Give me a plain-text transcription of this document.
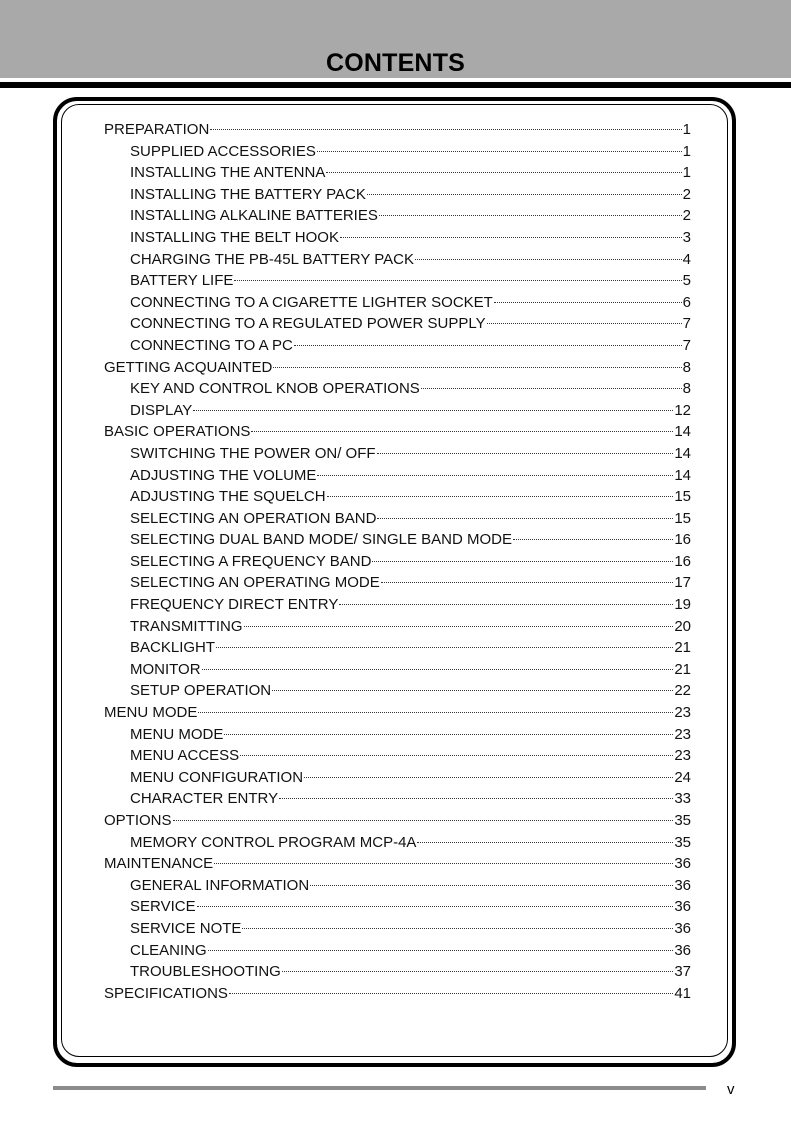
CONTENTS
PREPARATION	1
SUPPLIED ACCESSORIES	1
INSTALLING THE ANTENNA	1
INSTALLING THE BATTERY PACK	2
INSTALLING ALKALINE BATTERIES	2
INSTALLING THE BELT HOOK	3
CHARGING THE PB-45L BATTERY PACK	4
BATTERY LIFE	5
CONNECTING TO A CIGARETTE LIGHTER SOCKET	6
CONNECTING TO A REGULATED POWER SUPPLY	7
CONNECTING TO A PC	7
GETTING ACQUAINTED	8
KEY AND CONTROL KNOB OPERATIONS	8
DISPLAY	12
BASIC OPERATIONS	14
SWITCHING THE POWER ON/ OFF	14
ADJUSTING THE VOLUME	14
ADJUSTING THE SQUELCH	15
SELECTING AN OPERATION BAND	15
SELECTING DUAL BAND MODE/ SINGLE BAND MODE	16
SELECTING A FREQUENCY BAND	16
SELECTING AN OPERATING MODE	17
FREQUENCY DIRECT ENTRY	19
TRANSMITTING	20
BACKLIGHT	21
MONITOR	21
SETUP OPERATION	22
MENU MODE	23
MENU MODE	23
MENU ACCESS	23
MENU CONFIGURATION	24
CHARACTER ENTRY	33
OPTIONS	35
MEMORY CONTROL PROGRAM MCP-4A	35
MAINTENANCE	36
GENERAL INFORMATION	36
SERVICE	36
SERVICE NOTE	36
CLEANING	36
TROUBLESHOOTING	37
SPECIFICATIONS	41
v
